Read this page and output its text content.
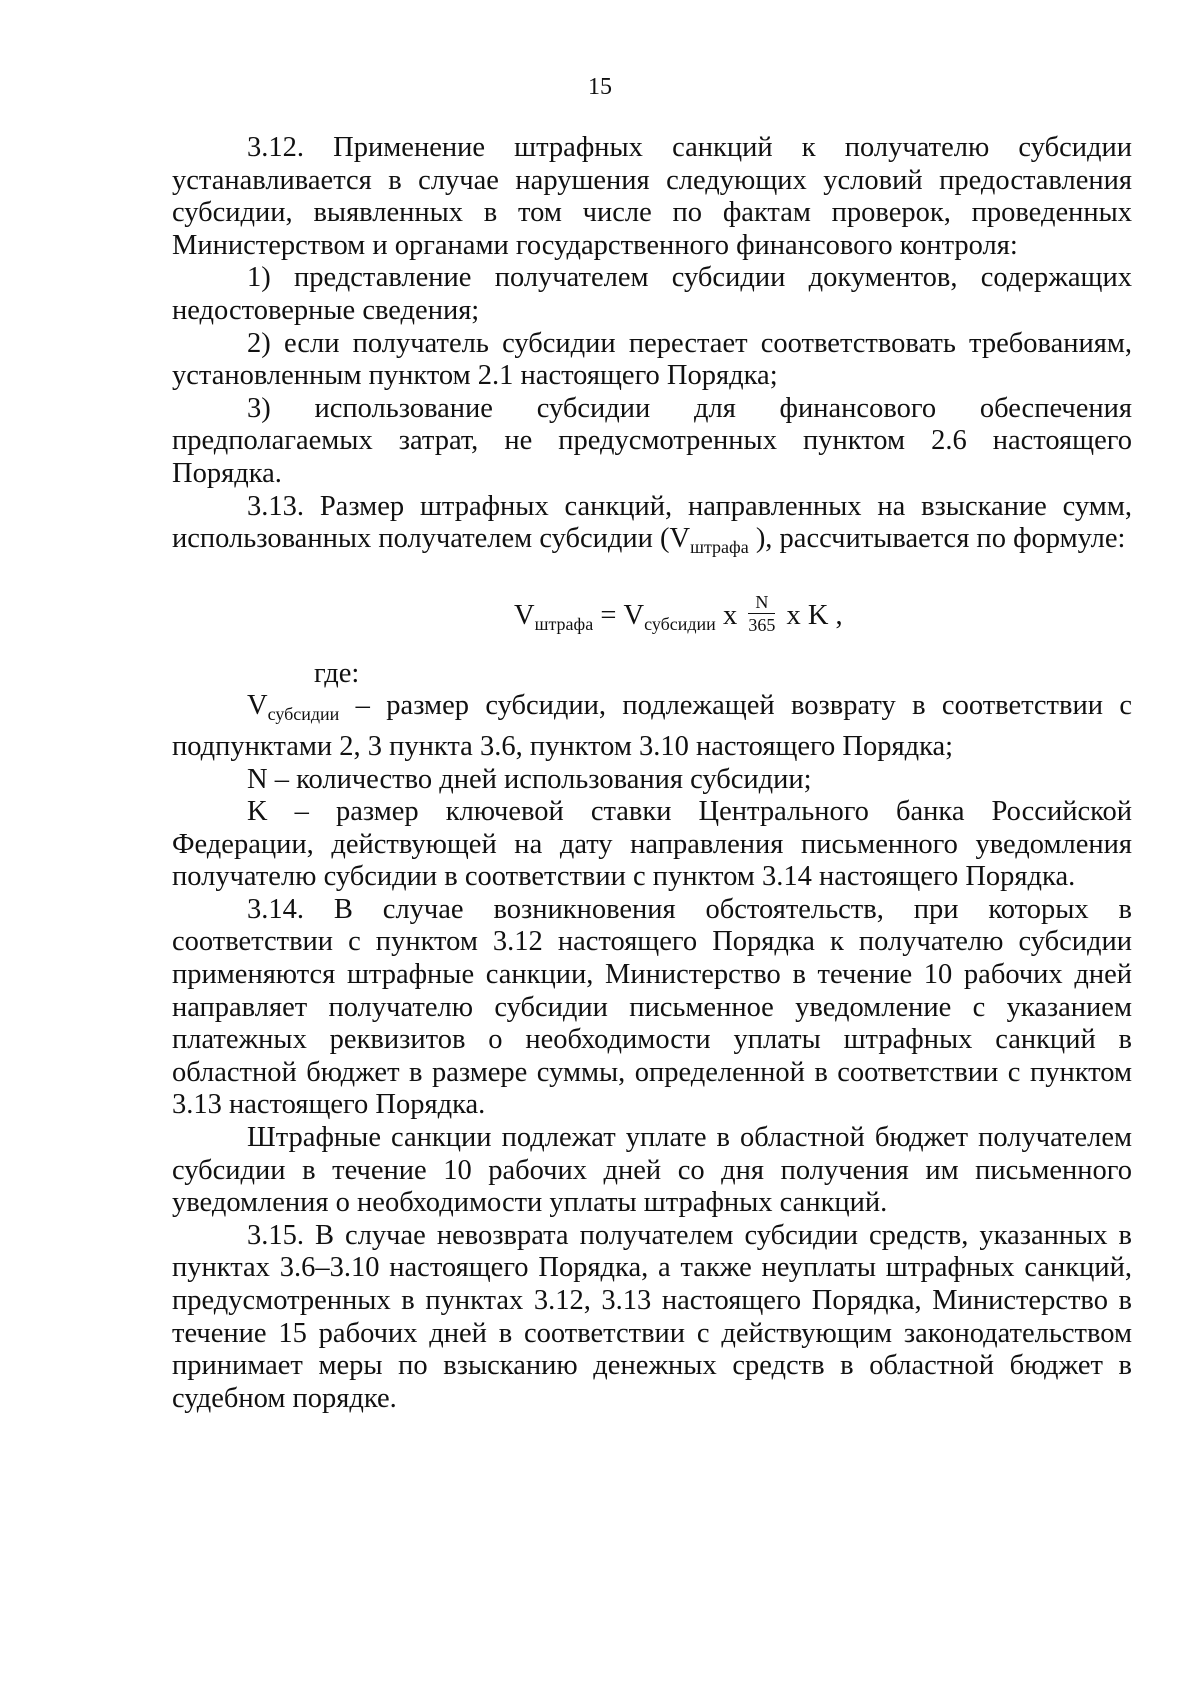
15

3.12. Применение штрафных санкций к получателю субсидии устанавливается в случае нарушения следующих условий предоставления субсидии, выявленных в том числе по фактам проверок, проведенных Министерством и органами государственного финансового контроля:

1) представление получателем субсидии документов, содержащих недостоверные сведения;

2) если получатель субсидии перестает соответствовать требованиям, установленным пунктом 2.1 настоящего Порядка;

3) использование субсидии для финансового обеспечения предполагаемых затрат, не предусмотренных пунктом 2.6 настоящего Порядка.

3.13. Размер штрафных санкций, направленных на взыскание сумм, использованных получателем субсидии ($V_{штрафа}$ ), рассчитывается по формуле:

$V_{штрафа} = V_{субсидии}$ x $\frac{N}{365}$ x K ,

где:

$V_{субсидии}$ – размер субсидии, подлежащей возврату в соответствии с подпунктами 2, 3 пункта 3.6, пунктом 3.10 настоящего Порядка;

N – количество дней использования субсидии;

K – размер ключевой ставки Центрального банка Российской Федерации, действующей на дату направления письменного уведомления получателю субсидии в соответствии с пунктом 3.14 настоящего Порядка.

3.14. В случае возникновения обстоятельств, при которых в соответствии с пунктом 3.12 настоящего Порядка к получателю субсидии применяются штрафные санкции, Министерство в течение 10 рабочих дней направляет получателю субсидии письменное уведомление с указанием платежных реквизитов о необходимости уплаты штрафных санкций в областной бюджет в размере суммы, определенной в соответствии с пунктом 3.13 настоящего Порядка.

Штрафные санкции подлежат уплате в областной бюджет получателем субсидии в течение 10 рабочих дней со дня получения им письменного уведомления о необходимости уплаты штрафных санкций.

3.15. В случае невозврата получателем субсидии средств, указанных в пунктах 3.6–3.10 настоящего Порядка, а также неуплаты штрафных санкций, предусмотренных в пунктах 3.12, 3.13 настоящего Порядка, Министерство в течение 15 рабочих дней в соответствии с действующим законодательством принимает меры по взысканию денежных средств в областной бюджет в судебном порядке.
